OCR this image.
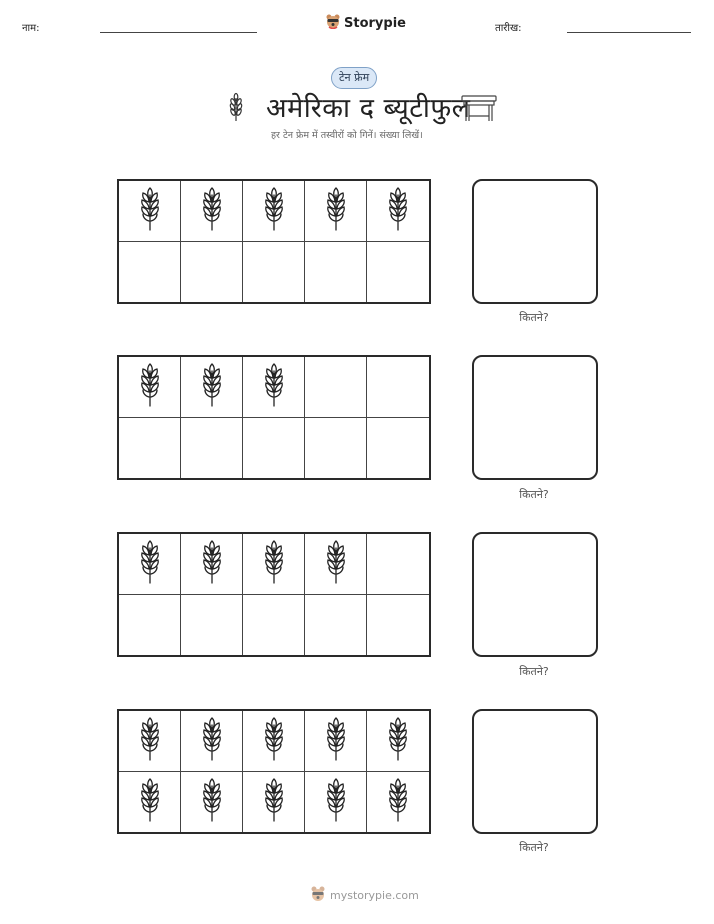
नाम:	Storypie	तारीख:
टेन फ्रेम
अमेरिका द ब्यूटीफुल
हर टेन फ्रेम में तस्वीरों को गिनें। संख्या लिखें।
कितने?
कितने?
कितने?
कितने?
mystorypie.com
